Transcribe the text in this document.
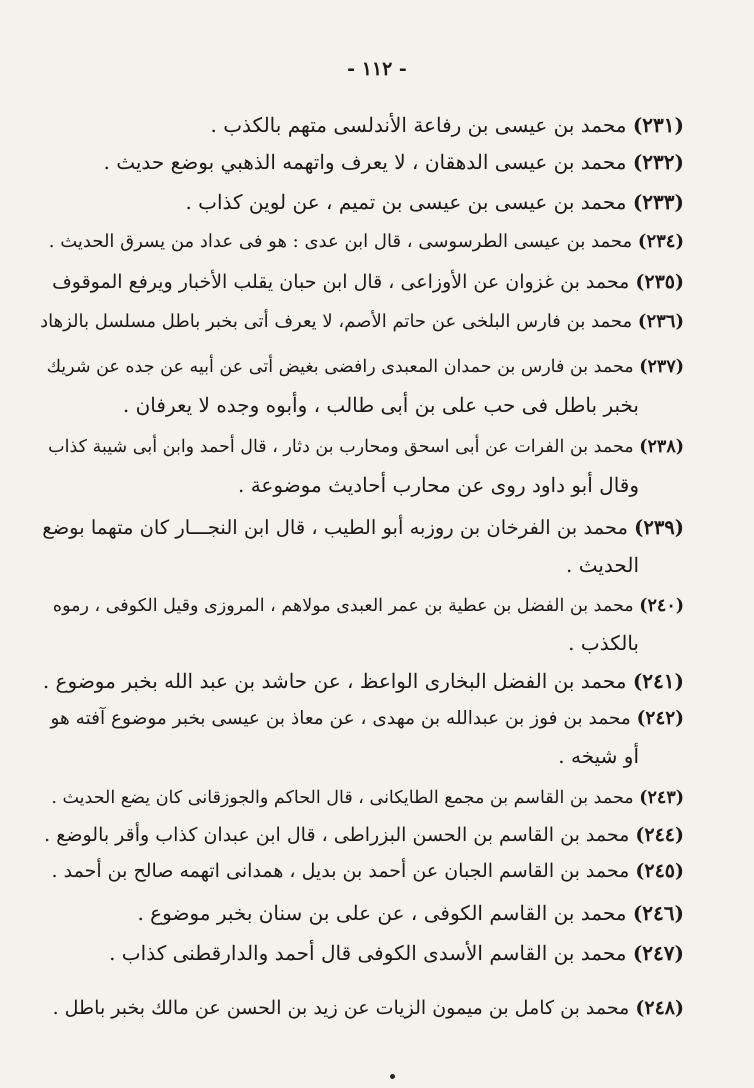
- ١١٢ -
(٢٣١) محمد بن عيسى بن رفاعة الأندلسى متهم بالكذب .
(٢٣٢) محمد بن عيسى الدهقان ، لا يعرف واتهمه الذهبي بوضع حديث .
(٢٣٣) محمد بن عيسى بن عيسى بن تميم ، عن لوين كذاب .
(٢٣٤) محمد بن عيسى الطرسوسى ، قال ابن عدى : هو فى عداد من يسرق الحديث .
(٢٣٥) محمد بن غزوان عن الأوزاعى ، قال ابن حبان يقلب الأخبار ويرفع الموقوف
(٢٣٦) محمد بن فارس البلخى عن حاتم الأصم، لا يعرف أتى بخبر باطل مسلسل بالزهاد
(٢٣٧) محمد بن فارس بن حمدان المعبدى رافضى بغيض أتى عن أبيه عن جده عن شريك
بخبر باطل فى حب على بن أبى طالب ، وأبوه وجده لا يعرفان .
(٢٣٨) محمد بن الفرات عن أبى اسحق ومحارب بن دثار ، قال أحمد وابن أبى شيبة كذاب
وقال أبو داود روى عن محارب أحاديث موضوعة .
(٢٣٩) محمد بن الفرخان بن روزبه أبو الطيب ، قال ابن النجـــار كان متهما بوضع
الحديث .
(٢٤٠) محمد بن الفضل بن عطية بن عمر العبدى مولاهم ، المروزى وقيل الكوفى ، رموه
بالكذب .
(٢٤١) محمد بن الفضل البخارى الواعظ ، عن حاشد بن عبد الله بخبر موضوع .
(٢٤٢) محمد بن فوز بن عبدالله بن مهدى ، عن معاذ بن عيسى بخبر موضوع آفته هو
أو شيخه .
(٢٤٣) محمد بن القاسم بن مجمع الطايكانى ، قال الحاكم والجوزقانى كان يضع الحديث .
(٢٤٤) محمد بن القاسم بن الحسن البزراطى ، قال ابن عبدان كذاب وأقر بالوضع .
(٢٤٥) محمد بن القاسم الجبان عن أحمد بن بديل ، همدانى اتهمه صالح بن أحمد .
(٢٤٦) محمد بن القاسم الكوفى ، عن على بن سنان بخبر موضوع .
(٢٤٧) محمد بن القاسم الأسدى الكوفى قال أحمد والدارقطنى كذاب .
(٢٤٨) محمد بن كامل بن ميمون الزيات عن زيد بن الحسن عن مالك بخبر باطل .
